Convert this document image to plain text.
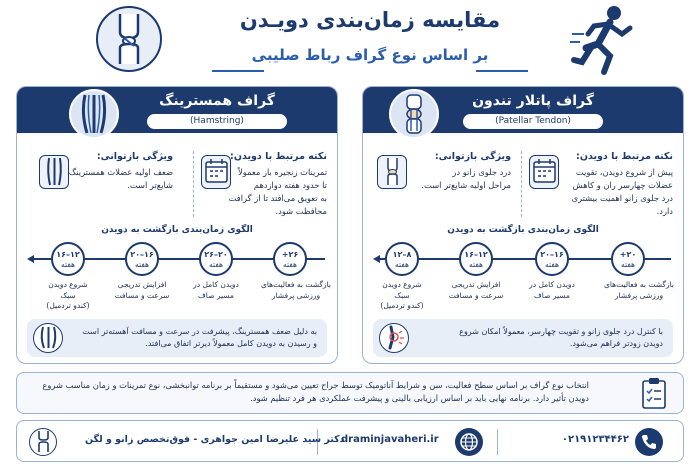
مقایسه زمان‌بندی دویـدن
بر اساس نوع گراف رباط صلیبی
گراف پاتلار تندون
(Patellar Tendon)
نکته مرتبط با دویدن:
پیش از شروع دویدن، تقویت
عضلات چهارسر ران و کاهش
درد جلوی زانو اهمیت بیشتری
دارد.
ویژگی بازتوانی:
درد جلوی زانو در
مراحل اولیه شایع‌تر است.
الگوی زمان‌بندی بازگشت به دویدن
۲۰+
هفته
۱۶–۲۰
هفته
۱۲–۱۶
هفته
۸–۱۲
هفته
بازگشت به فعالیت‌های
ورزشی پرفشار
دویدن کامل در
مسیر صاف
افزایش تدریجی
سرعت و مسافت
شروع دویدن
سبک
(کندو تردمیل)
با کنترل درد جلوی زانو و تقویت چهارسر، معمولاً امکان شروع
دویدن زودتر فراهم می‌شود.
گراف همسترینگ
(Hamstring)
نکته مرتبط با دویدن:
تمرینات زنجیره باز معمولاً
تا حدود هفته دوازدهم
به تعویق می‌افتد تا از گرافت
محافظت شود.
ویژگی بازتوانی:
ضعف اولیه عضلات همسترینگ
شایع‌تر است.
الگوی زمان‌بندی بازگشت به دویدن
۲۶+
هفته
۲۰–۲۶
هفته
۱۶–۲۰
هفته
۱۲–۱۶
هفته
بازگشت به فعالیت‌های
ورزشی پرفشار
دویدن کامل در
مسیر صاف
افزایش تدریجی
سرعت و مسافت
شروع دویدن
سبک
(کندو تردمیل)
به دلیل ضعف همسترینگ، پیشرفت در سرعت و مسافت آهسته‌تر است
و رسیدن به دویدن کامل معمولاً دیرتر اتفاق می‌افتد.
انتخاب نوع گراف بر اساس سطح فعالیت، سن و شرایط آناتومیک توسط جراح تعیین می‌شود و مستقیماً بر برنامه توانبخشی، نوع تمرینات و زمان مناسب شروع
دویدن تأثیر دارد. برنامه نهایی باید بر اساس ارزیابی بالینی و پیشرفت عملکردی هر فرد تنظیم شود.
۰۲۱۹۱۲۳۴۴۶۲
draminjavaheri.ir
دکتر سید علیرضا امین جواهری - فوق‌تخصص زانو و لگن
